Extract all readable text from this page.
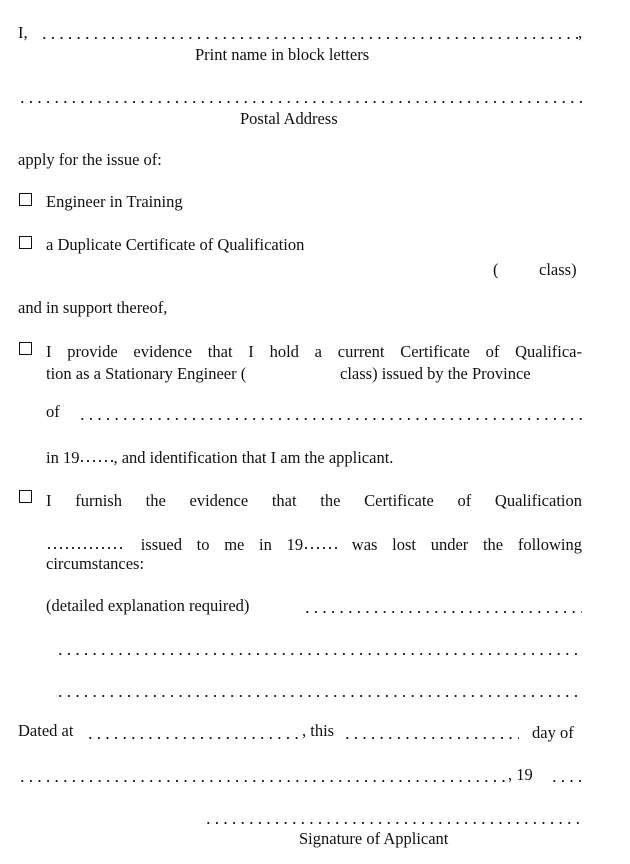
I,	,
Print name in block letters
Postal Address
apply for the issue of:
Engineer in Training
a Duplicate Certificate of Qualification
( class)
and in support thereof,
I provide evidence that I hold a current Certificate of Qualifica-
tion as a Stationary Engineer (	class) issued by the Province
of
in 19 , and identification that I am the applicant.
I furnish the evidence that the Certificate of Qualification
issued to me in 19	was lost under the following
circumstances:
(detailed explanation required)
Dated at	, this	day of
, 19
Signature of Applicant
